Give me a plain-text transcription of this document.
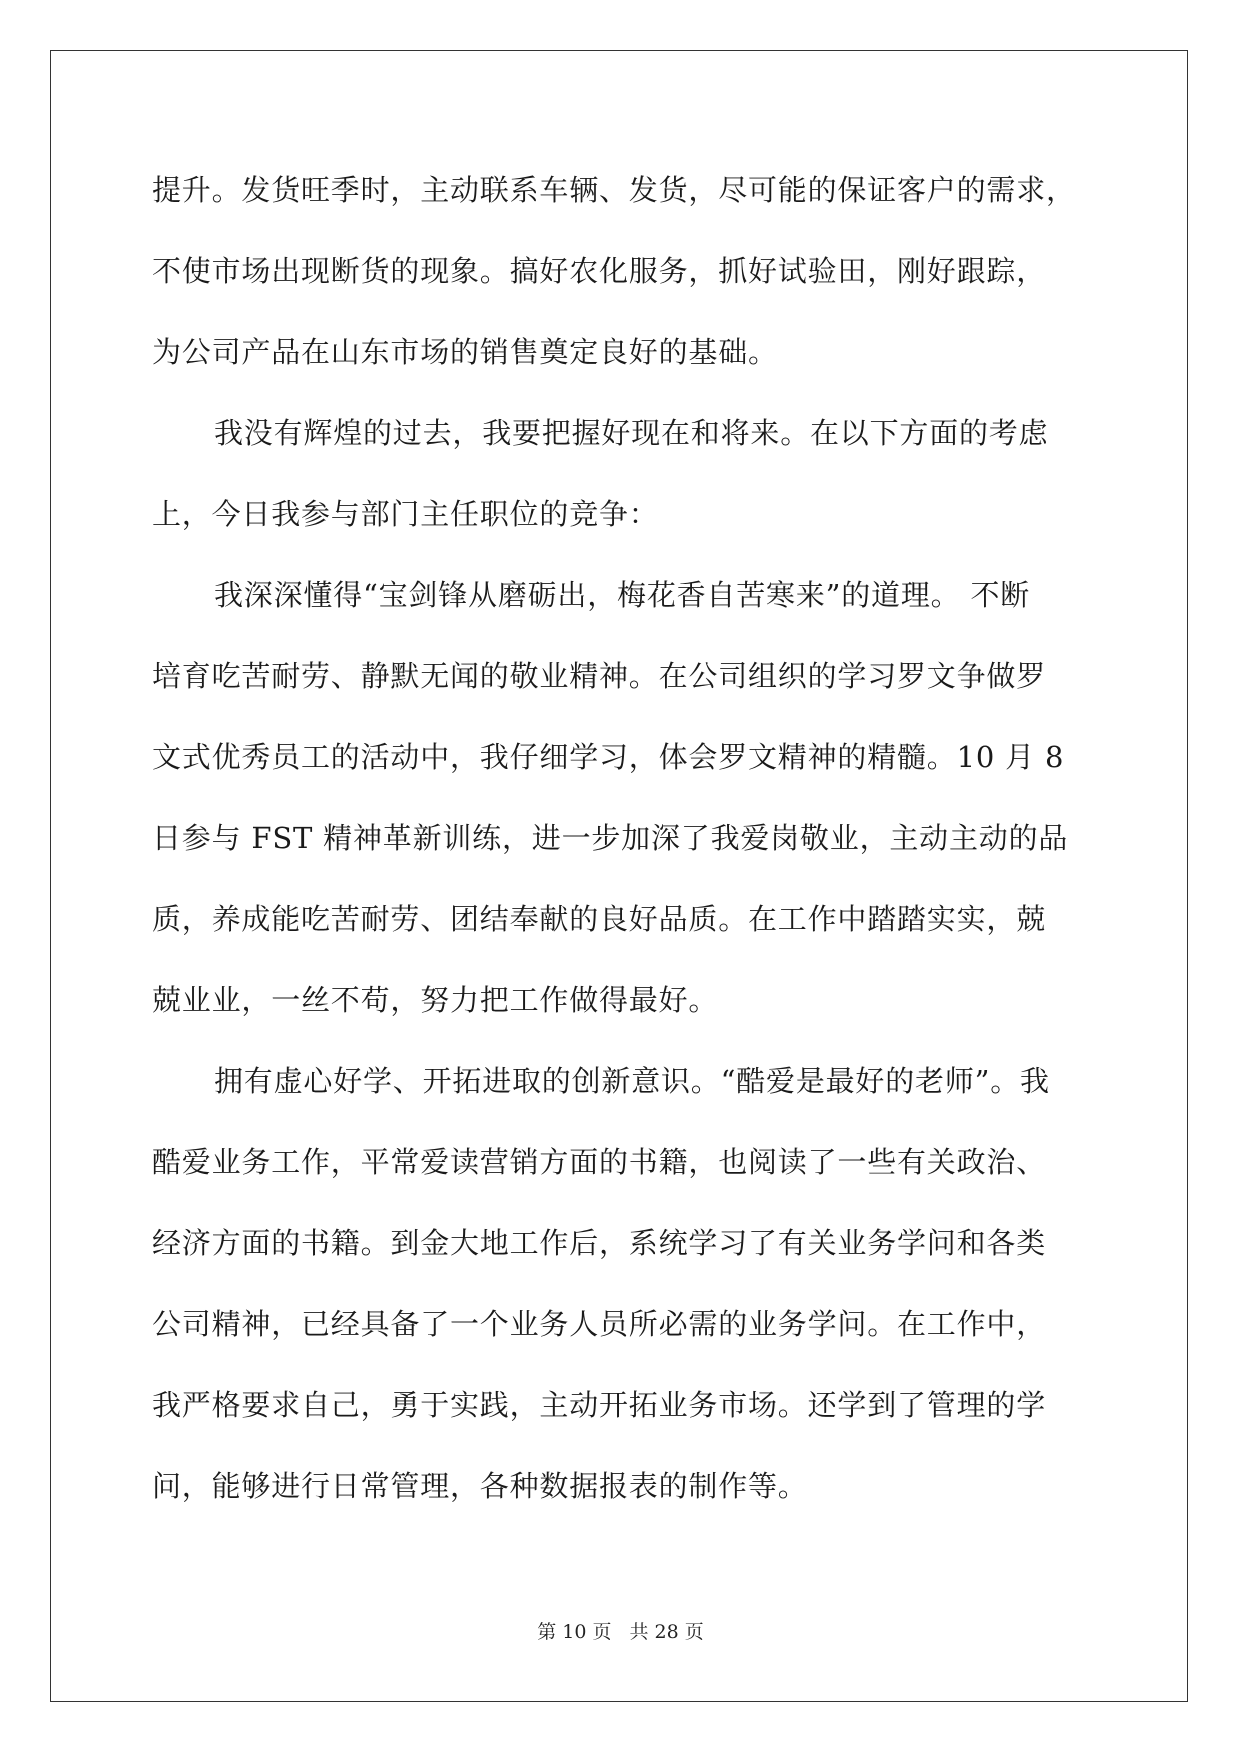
提升。发货旺季时，主动联系车辆、发货，尽可能的保证客户的需求，
不使市场出现断货的现象。搞好农化服务，抓好试验田，刚好跟踪，
为公司产品在山东市场的销售奠定良好的基础。
我没有辉煌的过去，我要把握好现在和将来。在以下方面的考虑
上，今日我参与部门主任职位的竞争：
我深深懂得“宝剑锋从磨砺出，梅花香自苦寒来”的道理。 不断
培育吃苦耐劳、静默无闻的敬业精神。在公司组织的学习罗文争做罗
文式优秀员工的活动中，我仔细学习，体会罗文精神的精髓。10 月 8
日参与 FST 精神革新训练，进一步加深了我爱岗敬业，主动主动的品
质，养成能吃苦耐劳、团结奉献的良好品质。在工作中踏踏实实，兢
兢业业，一丝不苟，努力把工作做得最好。
拥有虚心好学、开拓进取的创新意识。“酷爱是最好的老师”。我
酷爱业务工作，平常爱读营销方面的书籍，也阅读了一些有关政治、
经济方面的书籍。到金大地工作后，系统学习了有关业务学问和各类
公司精神，已经具备了一个业务人员所必需的业务学问。在工作中，
我严格要求自己，勇于实践，主动开拓业务市场。还学到了管理的学
问，能够进行日常管理，各种数据报表的制作等。
第 10 页 共 28 页
